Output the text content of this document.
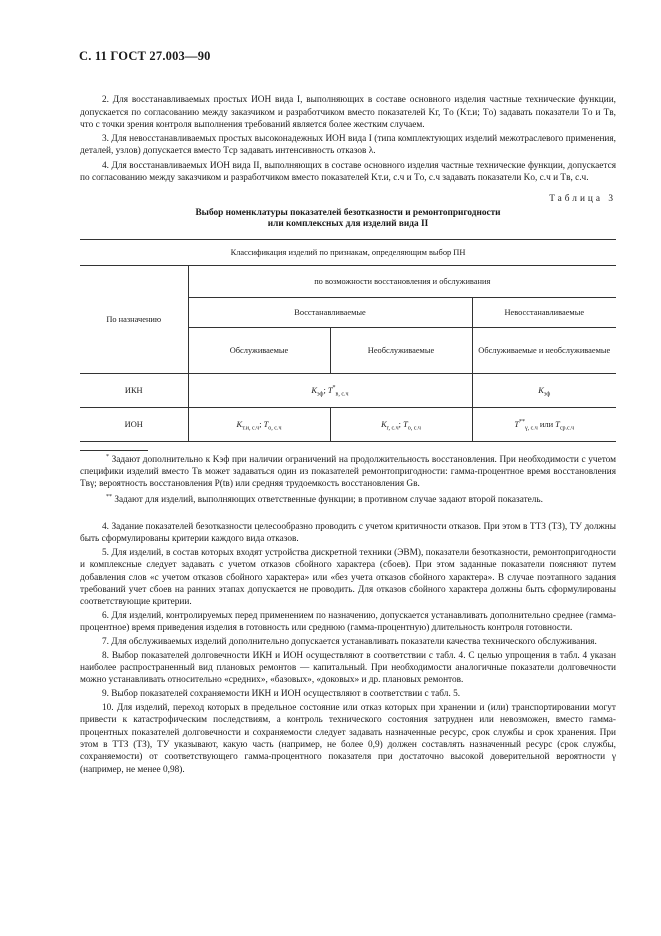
С. 11 ГОСТ 27.003—90

2. Для восстанавливаемых простых ИОН вида I, выполняющих в составе основного изделия частные технические функции, допускается по согласованию между заказчиком и разработчиком вместо показателей Kг, Tо (Kт.и; Tо) задавать показатели Tо и Tв, что с точки зрения контроля выполнения требований является более жестким случаем.

3. Для невосстанавливаемых простых высоконадежных ИОН вида I (типа комплектующих изделий межотраслевого применения, деталей, узлов) допускается вместо Tср задавать интенсивность отказов λ.

4. Для восстанавливаемых ИОН вида II, выполняющих в составе основного изделия частные технические функции, допускается по согласованию между заказчиком и разработчиком вместо показателей Kт.и, с.ч и Tо, с.ч задавать показатели Kо, с.ч и Tв, с.ч.

Таблица 3
Выбор номенклатуры показателей безотказности и ремонтопригодности
или комплексных для изделий вида II
Классификация изделий по признакам, определяющим выбор ПН			
По назначению	по возможности восстановления и обслуживания		
	Восстанавливаемые		Невосстанавливаемые
	Обслуживаемые	Необслуживаемые	Обслуживаемые и необслуживаемые
ИКН	$K_{эф}$; $T^*_{в, с.ч}$		$K_{эф}$
ИОН	$K_{т.и, с.ч}$; $T_{о, с.ч}$	$K_{г, с.ч}$; $T_{о, с.ч}$	$T^{**}_{\gamma, с.ч}$ или $T_{ср.с.ч}$

* Задают дополнительно к Kэф при наличии ограничений на продолжительность восстановления. При необходимости с учетом специфики изделий вместо Tв может задаваться один из показателей ремонтопригодности: гамма-процентное время восстановления Tвγ; вероятность восстановления P(tв) или средняя трудоемкость восстановления Gв.

** Задают для изделий, выполняющих ответственные функции; в противном случае задают второй показатель.

4. Задание показателей безотказности целесообразно проводить с учетом критичности отказов. При этом в ТТЗ (ТЗ), ТУ должны быть сформулированы критерии каждого вида отказов.

5. Для изделий, в состав которых входят устройства дискретной техники (ЭВМ), показатели безотказности, ремонтопригодности и комплексные следует задавать с учетом отказов сбойного характера (сбоев). При этом заданные показатели поясняют путем добавления слов «с учетом отказов сбойного характера» или «без учета отказов сбойного характера». В случае поэтапного задания требований учет сбоев на ранних этапах допускается не проводить. Для отказов сбойного характера должны быть сформулированы соответствующие критерии.

6. Для изделий, контролируемых перед применением по назначению, допускается устанавливать дополнительно среднее (гамма-процентное) время приведения изделия в готовность или среднюю (гамма-процентную) длительность контроля готовности.

7. Для обслуживаемых изделий дополнительно допускается устанавливать показатели качества технического обслуживания.

8. Выбор показателей долговечности ИКН и ИОН осуществляют в соответствии с табл. 4. С целью упрощения в табл. 4 указан наиболее распространенный вид плановых ремонтов — капитальный. При необходимости аналогичные показатели долговечности можно устанавливать относительно «средних», «базовых», «доковых» и др. плановых ремонтов.

9. Выбор показателей сохраняемости ИКН и ИОН осуществляют в соответствии с табл. 5.

10. Для изделий, переход которых в предельное состояние или отказ которых при хранении и (или) транспортировании могут привести к катастрофическим последствиям, а контроль технического состояния затруднен или невозможен, вместо гамма-процентных показателей долговечности и сохраняемости следует задавать назначенные ресурс, срок службы и срок хранения. При этом в ТТЗ (ТЗ), ТУ указывают, какую часть (например, не более 0,9) должен составлять назначенный ресурс (срок службы, сохраняемости) от соответствующего гамма-процентного показателя при достаточно высокой доверительной вероятности γ (например, не менее 0,98).
